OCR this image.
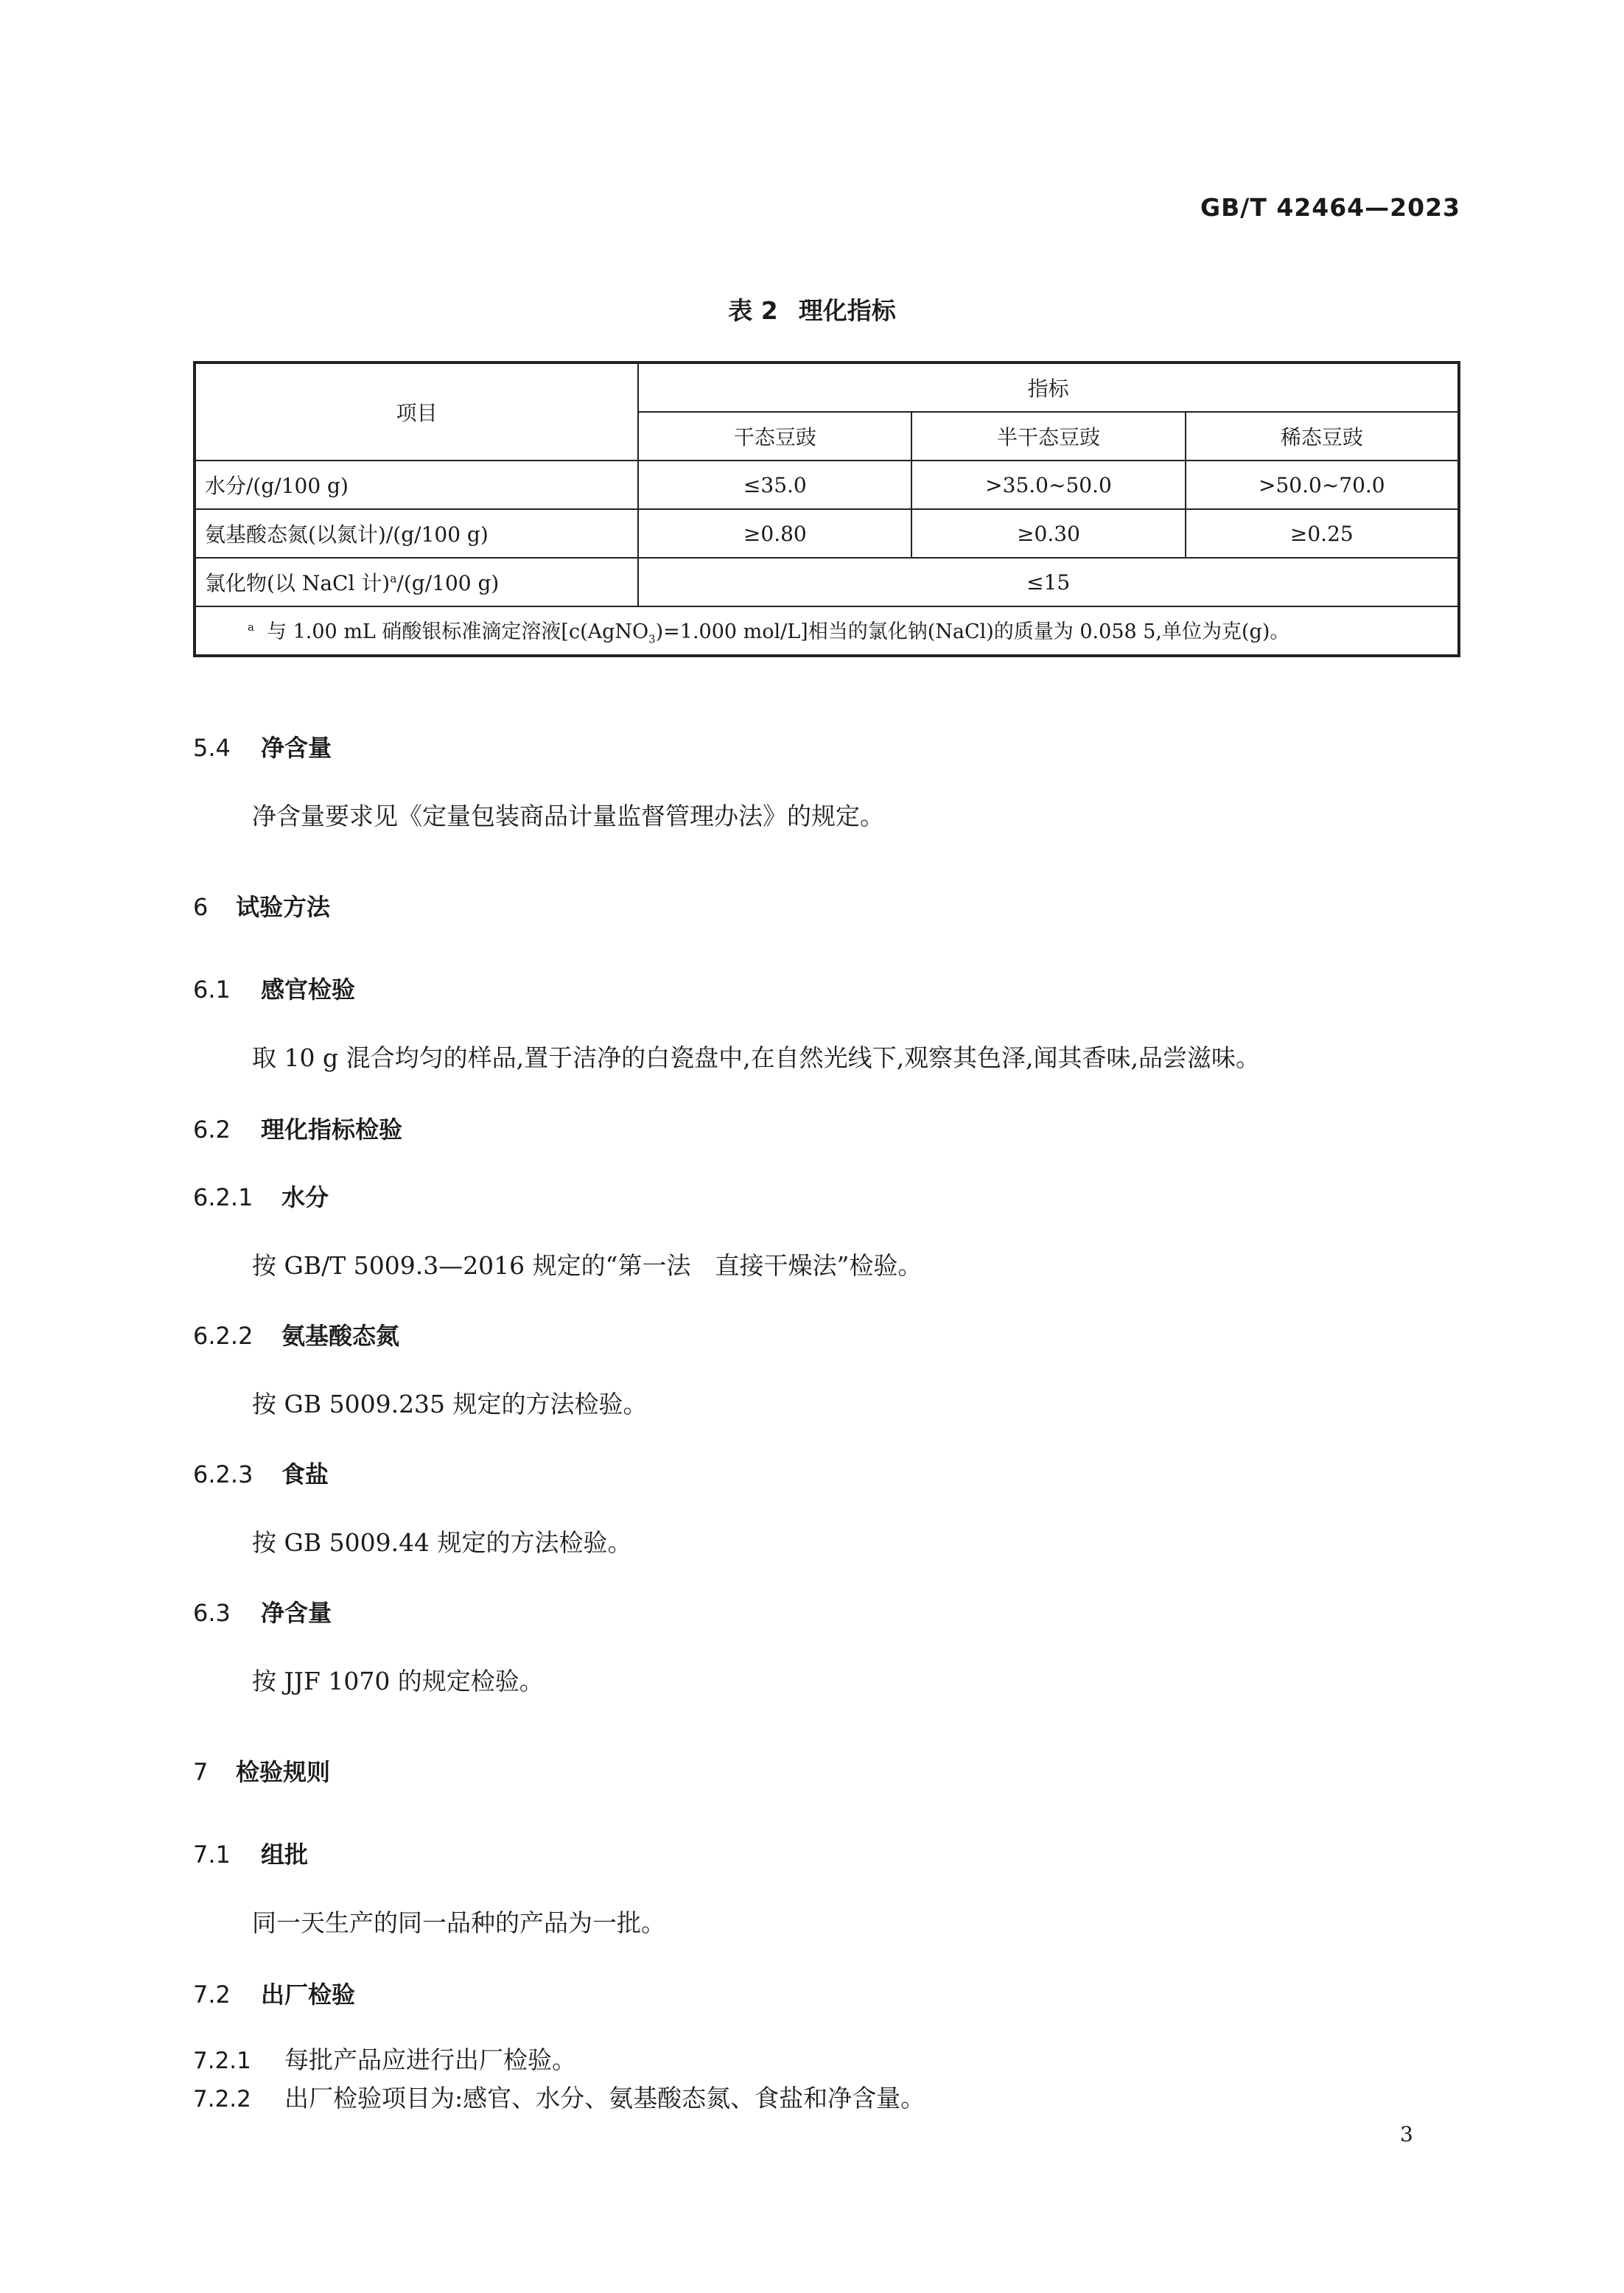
GB/T 42464—2023
表 2 理化指标
项目	指标		
	干态豆豉	半干态豆豉	稀态豆豉
水分/(g/100 g)	≤35.0	>35.0~50.0	>50.0~70.0
氨基酸态氮(以氮计)/(g/100 g)	≥0.80	≥0.30	≥0.25
氯化物(以 NaCl 计)$^a$/(g/100 g)	≤15		
$^a$ 与 1.00 mL 硝酸银标准滴定溶液[c(AgNO$_3$)=1.000 mol/L]相当的氯化钠(NaCl)的质量为 0.058 5,单位为克(g)。			
5.4 净含量
净含量要求见《定量包装商品计量监督管理办法》的规定。
6 试验方法
6.1 感官检验
取 10 g 混合均匀的样品,置于洁净的白瓷盘中,在自然光线下,观察其色泽,闻其香味,品尝滋味。
6.2 理化指标检验
6.2.1 水分
按 GB/T 5009.3—2016 规定的“第一法　直接干燥法”检验。
6.2.2 氨基酸态氮
按 GB 5009.235 规定的方法检验。
6.2.3 食盐
按 GB 5009.44 规定的方法检验。
6.3 净含量
按 JJF 1070 的规定检验。
7 检验规则
7.1 组批
同一天生产的同一品种的产品为一批。
7.2 出厂检验
7.2.1 每批产品应进行出厂检验。
7.2.2 出厂检验项目为:感官、水分、氨基酸态氮、食盐和净含量。
3
